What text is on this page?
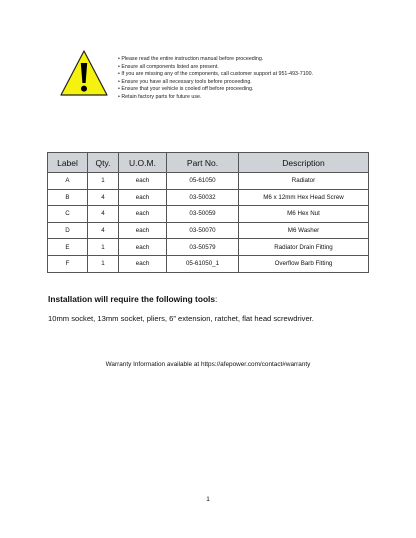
• Please read the entire instruction manual before proceeding.
• Ensure all components listed are present.
• If you are missing any of the components, call customer support at 951-493-7100.
• Ensure you have all necessary tools before proceeding.
• Ensure that your vehicle is cooled off before proceeding.
• Retain factory parts for future use.
Label	Qty.	U.O.M.	Part No.	Description
A	1	each	05-61050	Radiator
B	4	each	03-50032	M6 x 12mm Hex Head Screw
C	4	each	03-50059	M6 Hex Nut
D	4	each	03-50070	M6 Washer
E	1	each	03-50579	Radiator Drain Fitting
F	1	each	05-61050_1	Overflow Barb Fitting
Installation will require the following tools:
10mm socket, 13mm socket, pliers, 6” extension, ratchet, flat head screwdriver.
Warranty Information available at https://afepower.com/contact#warranty
1
